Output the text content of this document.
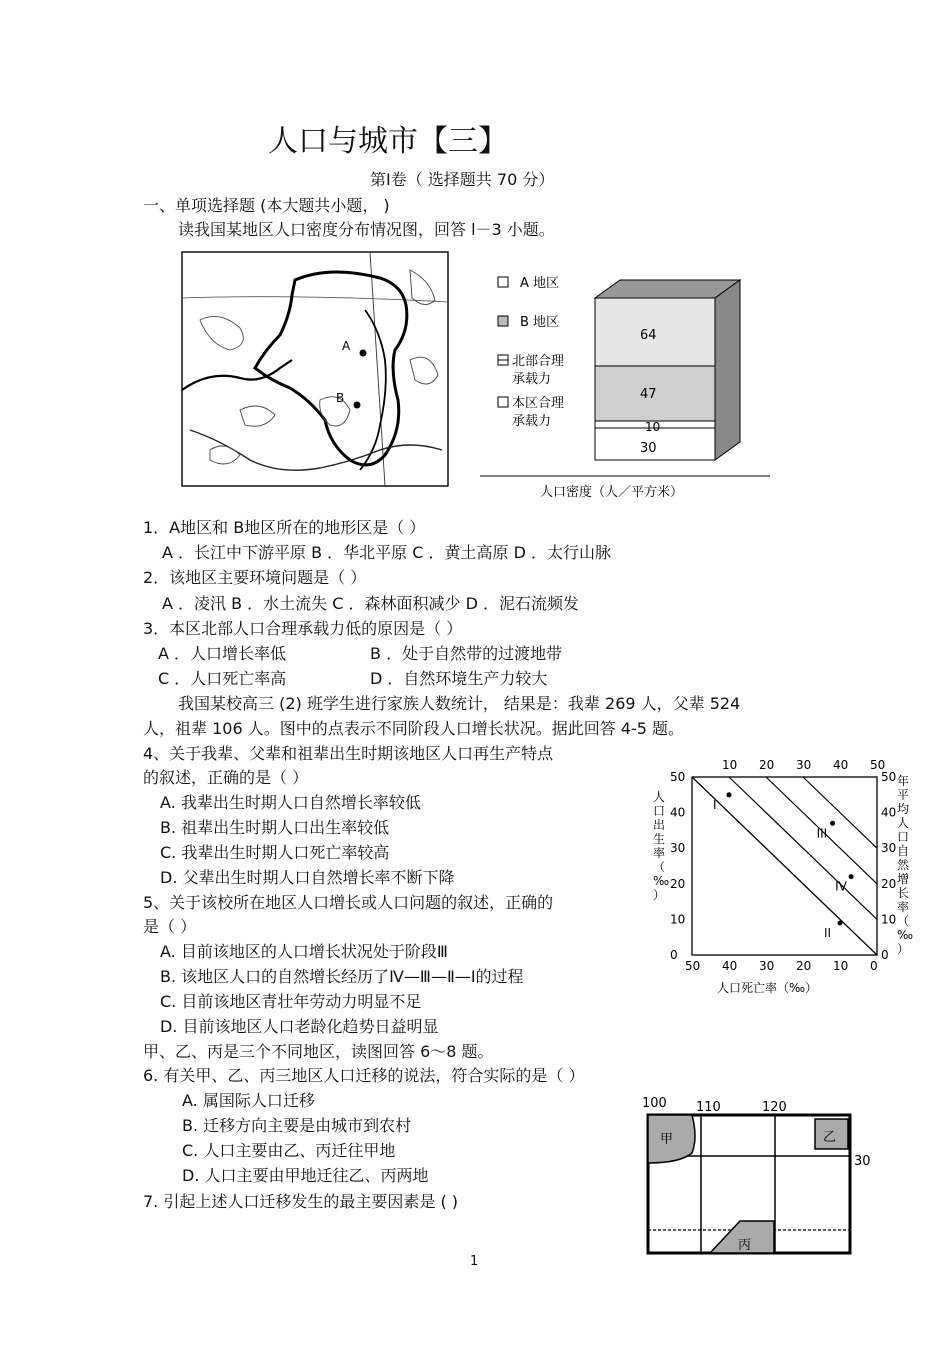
人口与城市【三】
第Ⅰ卷（ 选择题共 70 分）
一、单项选择题 (本大题共小题， )
读我国某地区人口密度分布情况图，回答 l－3 小题。
A
B
A 地区
B 地区
北部合理
承载力
本区合理
承载力
64
47
10
30
人口密度（人／平方米）
1．A地区和 B地区所在的地形区是（ ）
A ．长江中下游平原 B ．华北平原 C ．黄土高原 D ．太行山脉
2．该地区主要环境问题是（ ）
A ．凌汛 B ．水土流失 C ．森林面积减少 D ．泥石流频发
3．本区北部人口合理承载力低的原因是（ ）
A ．人口增长率低	B ．处于自然带的过渡地带
C ．人口死亡率高	D ．自然环境生产力较大
我国某校高三 (2) 班学生进行家族人数统计， 结果是：我辈 269 人，父辈 524
人，祖辈 106 人。图中的点表示不同阶段人口增长状况。据此回答 4-5 题。
4、关于我辈、父辈和祖辈出生时期该地区人口再生产特点
的叙述，正确的是（ ）
A. 我辈出生时期人口自然增长率较低
B. 祖辈出生时期人口出生率较低
C. 我辈出生时期人口死亡率较高
D. 父辈出生时期人口自然增长率不断下降
5、关于该校所在地区人口增长或人口问题的叙述，正确的
是（ ）
A. 目前该地区的人口增长状况处于阶段Ⅲ
B. 该地区人口的自然增长经历了Ⅳ—Ⅲ—Ⅱ—Ⅰ的过程
C. 目前该地区青壮年劳动力明显不足
D. 目前该地区人口老龄化趋势日益明显
10 20 30 40 50
50
40
30
20
10
0
50
40
30
20
10
0
50 40 30 20 10 0
人
口
出
生
率
（
‰
）
年
平
均
人
口
自
然
增
长
率
（
‰
）
I
II
III
IV
人口死亡率（‰）
甲、乙、丙是三个不同地区，读图回答 6～8 题。
6. 有关甲、乙、丙三地区人口迁移的说法，符合实际的是（ ）
A. 属国际人口迁移
B. 迁移方向主要是由城市到农村
C. 人口主要由乙、丙迁往甲地
D. 人口主要由甲地迁往乙、丙两地
7. 引起上述人口迁移发生的最主要因素是 ( )
100 110	120
30
甲	乙
丙
1
